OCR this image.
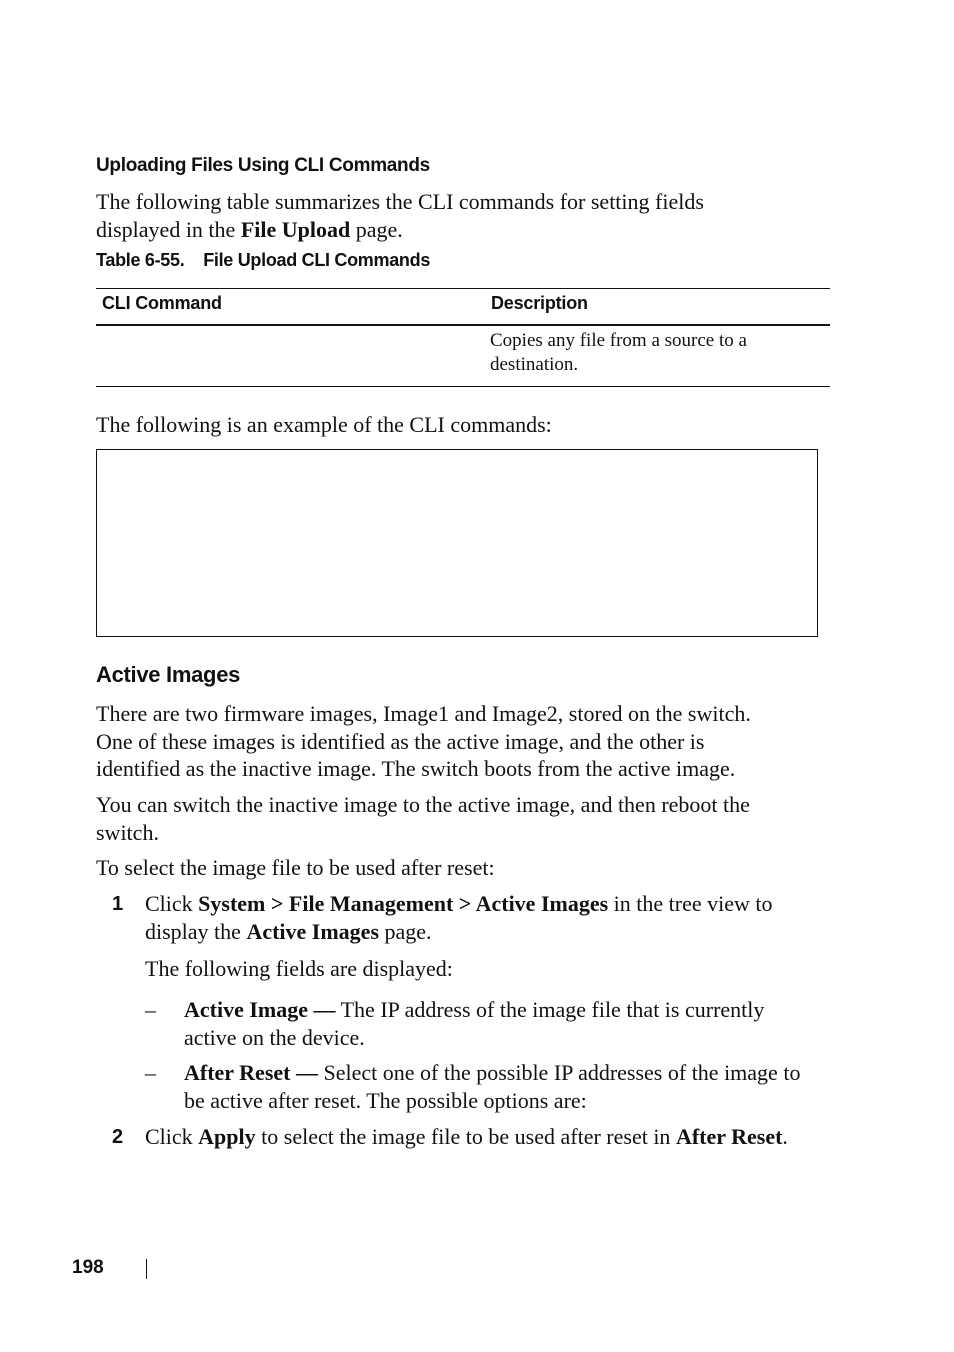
Uploading Files Using CLI Commands
The following table summarizes the CLI commands for setting fields
displayed in the File Upload page.
Table 6-55.    File Upload CLI Commands
CLI Command	Description
Copies any file from a source to a
destination.
The following is an example of the CLI commands:
Active Images
There are two firmware images, Image1 and Image2, stored on the switch.
One of these images is identified as the active image, and the other is
identified as the inactive image. The switch boots from the active image.
You can switch the inactive image to the active image, and then reboot the
switch.
To select the image file to be used after reset:
1 Click System > File Management > Active Images in the tree view to
display the Active Images page.
The following fields are displayed:
– Active Image — The IP address of the image file that is currently
active on the device.
– After Reset — Select one of the possible IP addresses of the image to
be active after reset. The possible options are:
2 Click Apply to select the image file to be used after reset in After Reset.
198
